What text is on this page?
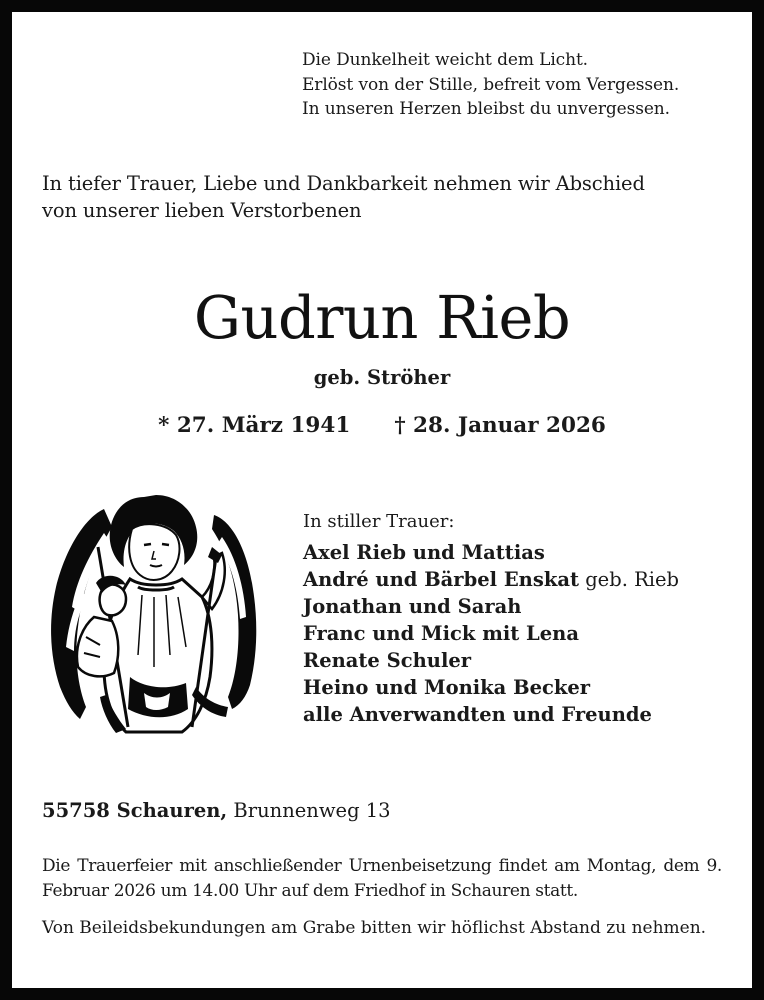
Die Dunkelheit weicht dem Licht.
Erlöst von der Stille, befreit vom Vergessen.
In unseren Herzen bleibst du unvergessen.
In tiefer Trauer, Liebe und Dankbarkeit nehmen wir Abschied
von unserer lieben Verstorbenen
Gudrun Rieb
geb. Ströher
* 27. März 1941 † 28. Januar 2026
In stiller Trauer:
Axel Rieb und Mattias
André und Bärbel Enskat geb. Rieb
Jonathan und Sarah
Franc und Mick mit Lena
Renate Schuler
Heino und Monika Becker
alle Anverwandten und Freunde
55758 Schauren, Brunnenweg 13
Die Trauerfeier mit anschließender Urnenbeisetzung findet am Montag, dem 9. Februar 2026 um 14.00 Uhr auf dem Friedhof in Schauren statt.
Von Beileidsbekundungen am Grabe bitten wir höflichst Abstand zu nehmen.
